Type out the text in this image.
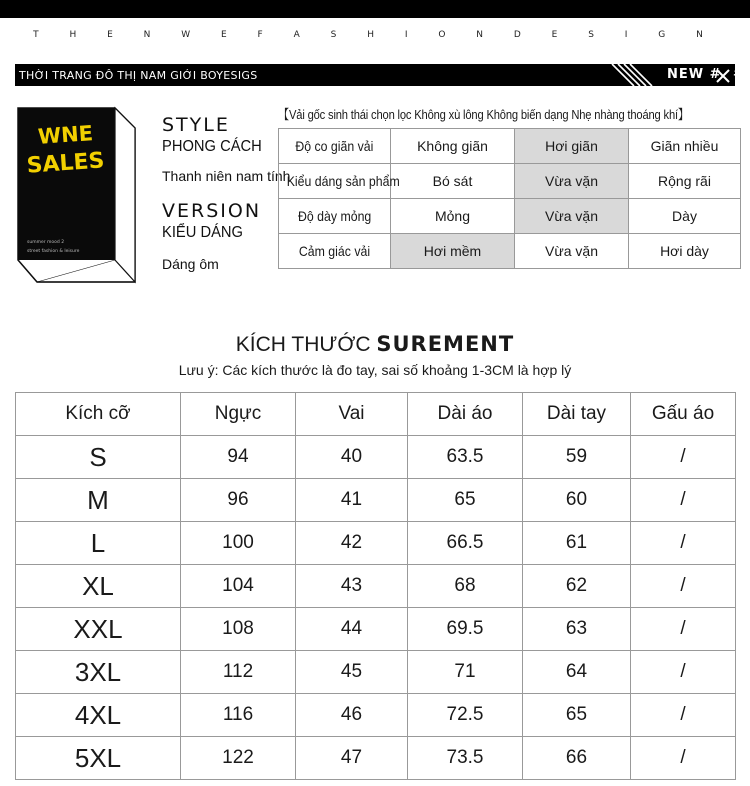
T H E N W E F A S H I O N D E S I G N
THỜI TRANG ĐÔ THỊ NAM GIỚI BOYESIGS	NEW # #
WNE
SALES
summer mood 2
street fashion & leisure
STYLE
PHONG CÁCH
Thanh niên nam tính
VERSION
KIỂU DÁNG
Dáng ôm
【Vải gốc sinh thái chọn lọc Không xù lông Không biến dạng Nhẹ nhàng thoáng khí】
Độ co giãn vải	Không giãn	Hơi giãn	Giãn nhiều
Kiểu dáng sản phẩm	Bó sát	Vừa vặn	Rộng rãi
Độ dày mỏng	Mỏng	Vừa vặn	Dày
Cảm giác vải	Hơi mềm	Vừa vặn	Hơi dày
KÍCH THƯỚC SUREMENT
Lưu ý: Các kích thước là đo tay, sai số khoảng 1-3CM là hợp lý
Kích cỡ	Ngực	Vai	Dài áo	Dài tay	Gấu áo
S	94	40	63.5	59	/
M	96	41	65	60	/
L	100	42	66.5	61	/
XL	104	43	68	62	/
XXL	108	44	69.5	63	/
3XL	112	45	71	64	/
4XL	116	46	72.5	65	/
5XL	122	47	73.5	66	/
